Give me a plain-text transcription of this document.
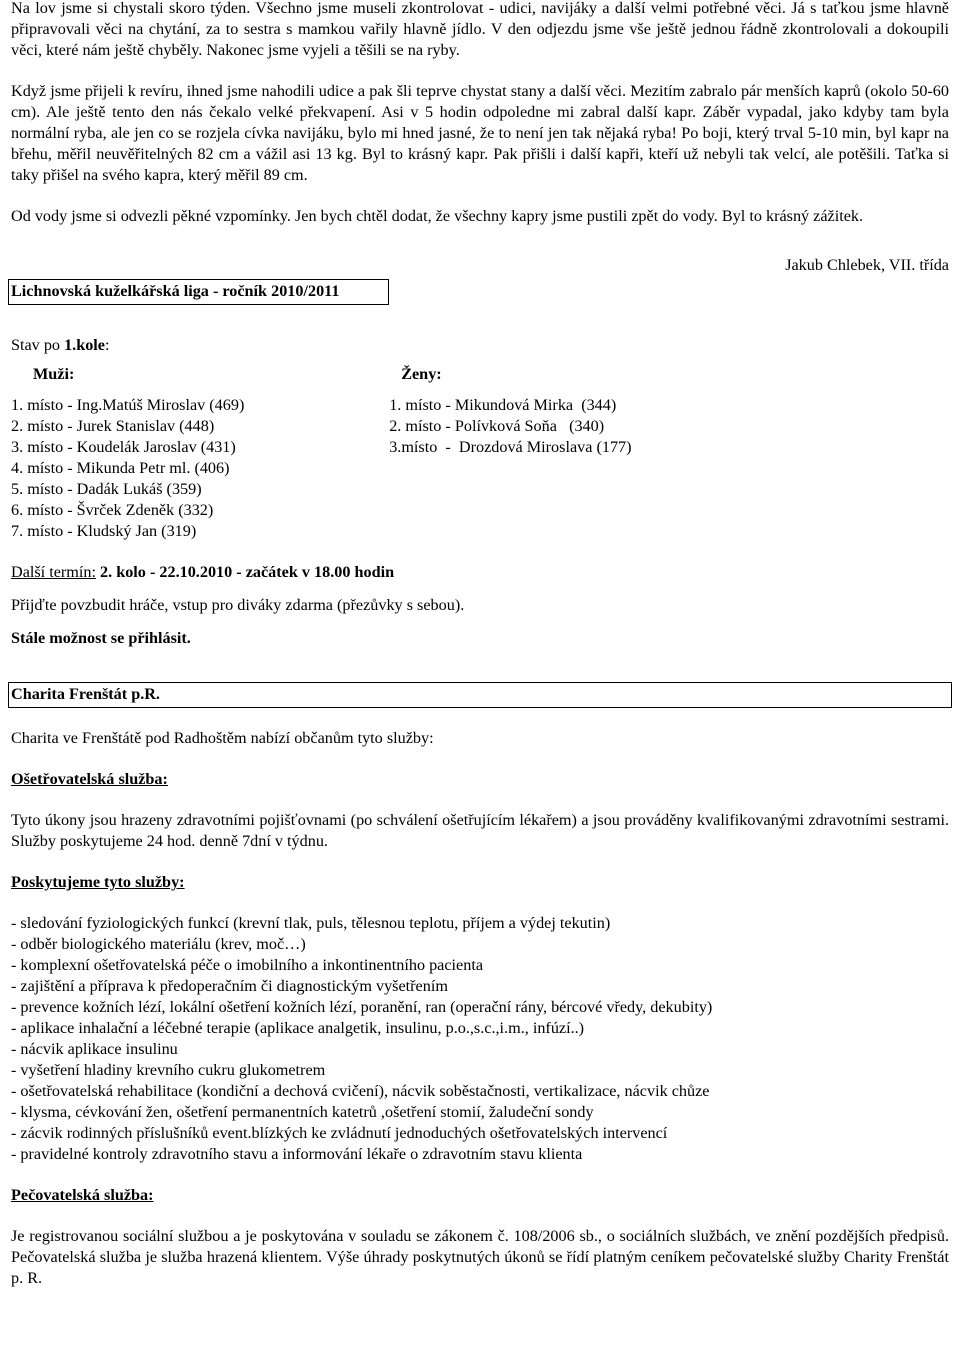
Na lov jsme si chystali skoro týden. Všechno jsme museli zkontrolovat - udici, navijáky a další velmi potřebné věci. Já s taťkou jsme hlavně připravovali věci na chytání, za to sestra s mamkou vařily hlavně jídlo. V den odjezdu jsme vše ještě jednou řádně zkontrolovali a dokoupili věci, které nám ještě chyběly. Nakonec jsme vyjeli a těšili se na ryby.

Když jsme přijeli k revíru, ihned jsme nahodili udice a pak šli teprve chystat stany a další věci. Mezitím zabralo pár menších kaprů (okolo 50-60 cm). Ale ještě tento den nás čekalo velké překvapení. Asi v 5 hodin odpoledne mi zabral další kapr. Záběr vypadal, jako kdyby tam byla normální ryba, ale jen co se rozjela cívka navijáku, bylo mi hned jasné, že to není jen tak nějaká ryba! Po boji, který trval 5-10 min, byl kapr na břehu, měřil neuvěřitelných 82 cm a vážil asi 13 kg. Byl to krásný kapr. Pak přišli i další kapři, kteří už nebyli tak velcí, ale potěšili. Taťka si taky přišel na svého kapra, který měřil 89 cm.

Od vody jsme si odvezli pěkné vzpomínky. Jen bych chtěl dodat, že všechny kapry jsme pustili zpět do vody. Byl to krásný zážitek.

Jakub Chlebek, VII. třída

Lichnovská kuželkářská liga - ročník 2010/2011

Stav po 1.kole:

Muži:
1. místo - Ing.Matúš Miroslav (469)
2. místo - Jurek Stanislav (448)
3. místo - Koudelák Jaroslav (431)
4. místo - Mikunda Petr ml. (406)
5. místo - Dadák Lukáš (359)
6. místo - Švrček Zdeněk (332)
7. místo - Kludský Jan (319)
Ženy:
1. místo - Mikundová Mirka  (344)
2. místo - Polívková Soňa   (340)
3.místo  -  Drozdová Miroslava (177)

Další termín: 2. kolo - 22.10.2010 - začátek v 18.00 hodin

Přijďte povzbudit hráče, vstup pro diváky zdarma (přezůvky s sebou).

Stále možnost se přihlásit.

Charita Frenštát p.R.

Charita ve Frenštátě pod Radhoštěm nabízí občanům tyto služby:

Ošetřovatelská služba:

Tyto úkony jsou hrazeny zdravotními pojišťovnami (po schválení ošetřujícím lékařem) a jsou prováděny kvalifikovanými zdravotními sestrami. Služby poskytujeme 24 hod. denně 7dní v týdnu.

Poskytujeme tyto služby:

- sledování fyziologických funkcí (krevní tlak, puls, tělesnou teplotu, příjem a výdej tekutin)
- odběr biologického materiálu (krev, moč…)
- komplexní ošetřovatelská péče o imobilního a inkontinentního pacienta
- zajištění a příprava k předoperačním či diagnostickým vyšetřením
- prevence kožních lézí, lokální ošetření kožních lézí, poranění, ran (operační rány, bércové vředy, dekubity)
- aplikace inhalační a léčebné terapie (aplikace analgetik, insulinu, p.o.,s.c.,i.m., infúzí..)
- nácvik aplikace insulinu
- vyšetření hladiny krevního cukru glukometrem
- ošetřovatelská rehabilitace (kondiční a dechová cvičení), nácvik soběstačnosti, vertikalizace, nácvik chůze
- klysma, cévkování žen, ošetření permanentních katetrů ,ošetření stomií, žaludeční sondy
- zácvik rodinných příslušníků event.blízkých ke zvládnutí jednoduchých ošetřovatelských intervencí
- pravidelné kontroly zdravotního stavu a informování lékaře o zdravotním stavu klienta

Pečovatelská služba:

Je registrovanou sociální službou a je poskytována v souladu se zákonem č. 108/2006 sb., o sociálních službách, ve znění pozdějších předpisů. Pečovatelská služba je služba hrazená klientem. Výše úhrady poskytnutých úkonů se řídí platným ceníkem pečovatelské služby Charity Frenštát p. R.
